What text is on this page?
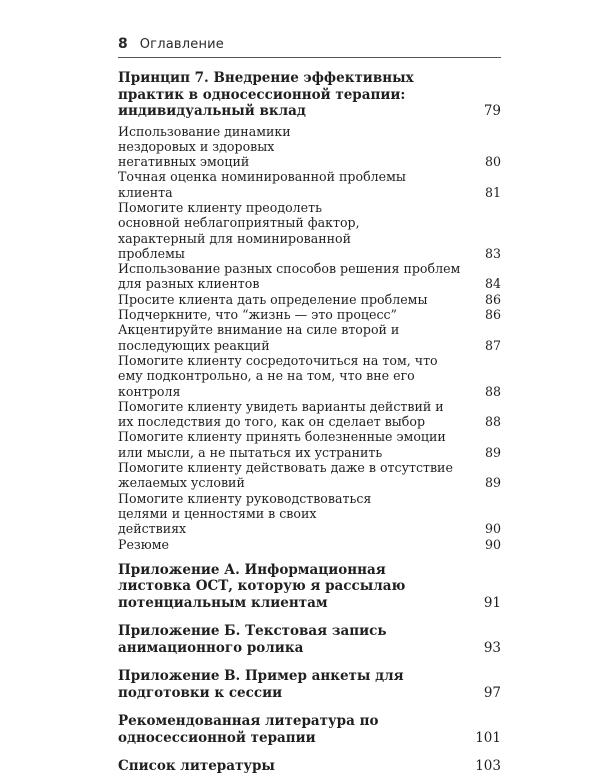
8 Оглавление
Принцип 7. Внедрение эффективных практик в односессионной терапии: индивидуальный вклад	79
Использование динамики нездоровых и здоровых негативных эмоций	80
Точная оценка номинированной проблемы клиента	81
Помогите клиенту преодолеть основной неблагоприятный фактор, характерный для номинированной проблемы	83
Использование разных способов решения проблем для разных клиентов	84
Просите клиента дать определение проблемы	86
Подчеркните, что “жизнь — это процесс”	86
Акцентируйте внимание на силе второй и последующих реакций	87
Помогите клиенту сосредоточиться на том, что ему подконтрольно, а не на том, что вне его контроля	88
Помогите клиенту увидеть варианты действий и их последствия до того, как он сделает выбор	88
Помогите клиенту принять болезненные эмоции или мысли, а не пытаться их устранить	89
Помогите клиенту действовать даже в отсутствие желаемых условий	89
Помогите клиенту руководствоваться целями и ценностями в своих действиях	90
Резюме	90
Приложение А. Информационная листовка ОСТ, которую я рассылаю потенциальным клиентам	91
Приложение Б. Текстовая запись анимационного ролика	93
Приложение В. Пример анкеты для подготовки к сессии	97
Рекомендованная литература по односессионной терапии	101
Список литературы	103
